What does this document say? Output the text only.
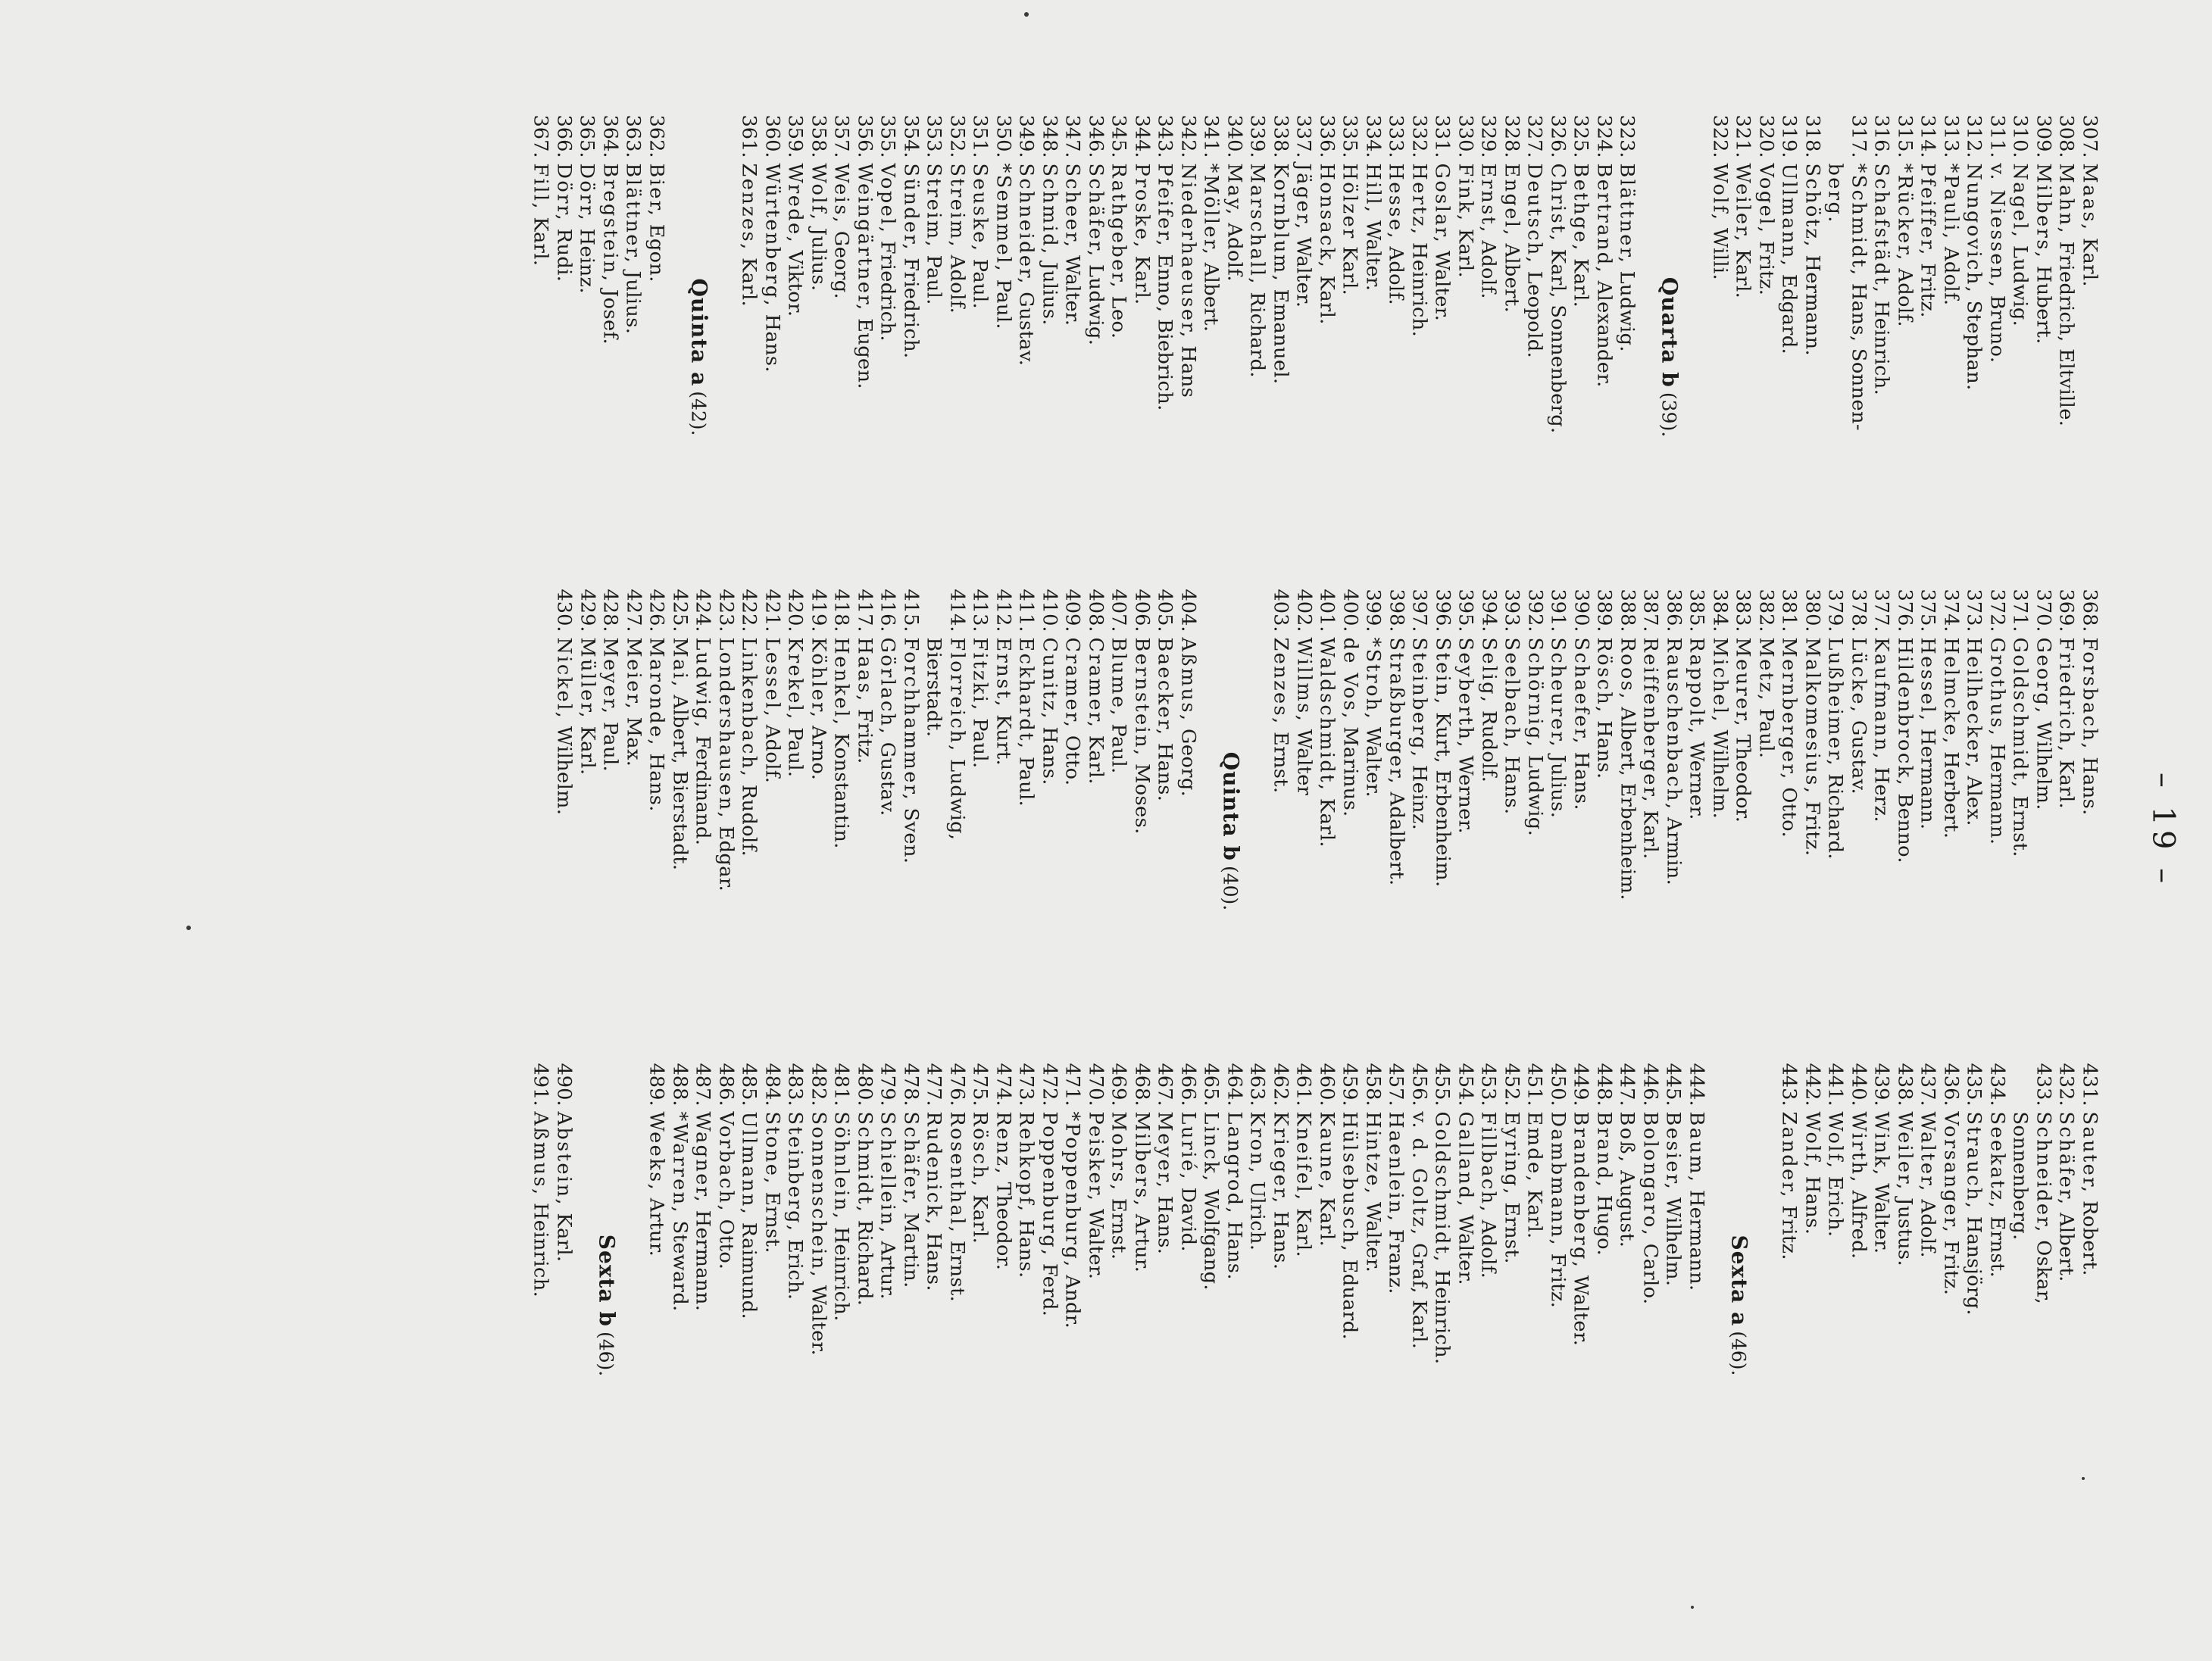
– 19 –
307.
Maas, Karl.
308.
Mahn, Friedrich, Eltville.
309.
Milbers, Hubert.
310.
Nagel, Ludwig.
311.
v. Niessen, Bruno.
312.
Nungovich, Stephan.
313.
*Pauli, Adolf.
314.
Pfeiffer, Fritz.
315.
*Rücker, Adolf.
316.
Schafstädt, Heinrich.
317.
*Schmidt, Hans, Sonnen-
berg.
318.
Schötz, Hermann.
319.
Ullmann, Edgard.
320.
Vogel, Fritz.
321.
Weiler, Karl.
322.
Wolf, Willi.
Quarta b(39).
323.
Blättner, Ludwig.
324.
Bertrand, Alexander.
325.
Bethge, Karl.
326.
Christ, Karl, Sonnenberg.
327.
Deutsch, Leopold.
328.
Engel, Albert.
329.
Ernst, Adolf.
330.
Fink, Karl.
331.
Goslar, Walter.
332.
Hertz, Heinrich.
333.
Hesse, Adolf.
334.
Hill, Walter.
335.
Hölzer Karl.
336.
Honsack, Karl.
337.
Jäger, Walter.
338.
Kornblum, Emanuel.
339.
Marschall, Richard.
340.
May, Adolf.
341.
*Möller, Albert.
342.
Niederhaeuser, Hans
343.
Pfeifer, Enno, Biebrich.
344.
Proske, Karl.
345.
Rathgeber, Leo.
346.
Schäfer, Ludwig.
347.
Scheer, Walter.
348.
Schmid, Julius.
349.
Schneider, Gustav.
350.
*Semmel, Paul.
351.
Seuske, Paul.
352.
Streim, Adolf.
353.
Streim, Paul.
354.
Sünder, Friedrich.
355.
Vopel, Friedrich.
356.
Weingärtner, Eugen.
357.
Weis, Georg.
358.
Wolf, Julius.
359.
Wrede, Viktor.
360.
Würtenberg, Hans.
361.
Zenzes, Karl.
Quinta a(42).
362.
Bier, Egon.
363.
Blättner, Julius.
364.
Bregstein, Josef.
365.
Dörr, Heinz.
366.
Dörr, Rudi.
367.
Fill, Karl.
368.
Forsbach, Hans.
369.
Friedrich, Karl.
370.
Georg, Wilhelm.
371.
Goldschmidt, Ernst.
372.
Grothus, Hermann.
373.
Heilhecker, Alex.
374.
Helmcke, Herbert.
375.
Hessel, Hermann.
376.
Hildenbrock, Benno.
377.
Kaufmann, Herz.
378.
Lücke, Gustav.
379.
Lußheimer, Richard.
380.
Malkomesius, Fritz.
381.
Mernberger, Otto.
382.
Metz, Paul.
383.
Meurer, Theodor.
384.
Michel, Wilhelm.
385.
Rappolt, Werner.
386.
Rauschenbach, Armin.
387.
Reiffenberger, Karl.
388.
Roos, Albert, Erbenheim.
389.
Rösch, Hans.
390.
Schaefer, Hans.
391.
Scheurer, Julius.
392.
Schörnig, Ludwig.
393.
Seelbach, Hans.
394.
Selig, Rudolf.
395.
Seyberth, Werner.
396.
Stein, Kurt, Erbenheim.
397.
Steinberg, Heinz.
398.
Straßburger, Adalbert.
399.
*Stroh, Walter.
400.
de Vos, Marinus.
401.
Waldschmidt, Karl.
402.
Willms, Walter
403.
Zenzes, Ernst.
Quinta b(40).
404.
Aßmus, Georg.
405.
Baecker, Hans.
406.
Bernstein, Moses.
407.
Blume, Paul.
408.
Cramer, Karl.
409.
Cramer, Otto.
410.
Cunitz, Hans.
411.
Eckhardt, Paul.
412.
Ernst, Kurt.
413.
Fitzki, Paul.
414.
Florreich, Ludwig,
Bierstadt.
415.
Forchhammer, Sven.
416.
Görlach, Gustav.
417.
Haas, Fritz.
418.
Henkel, Konstantin.
419.
Köhler, Arno.
420.
Krekel, Paul.
421.
Lessel, Adolf.
422.
Linkenbach, Rudolf.
423.
Londershausen, Edgar.
424.
Ludwig, Ferdinand.
425.
Mai, Albert, Bierstadt.
426.
Maronde, Hans.
427.
Meier, Max.
428.
Meyer, Paul.
429.
Müller, Karl.
430.
Nickel, Wilhelm.
431.
Sauter, Robert.
432.
Schäfer, Albert.
433.
Schneider, Oskar,
Sonnenberg.
434.
Seekatz, Ernst.
435.
Strauch, Hansjörg.
436.
Vorsanger, Fritz.
437.
Walter, Adolf.
438.
Weiler, Justus.
439.
Wink, Walter.
440.
Wirth, Alfred.
441.
Wolf, Erich.
442.
Wolf, Hans.
443.
Zander, Fritz.
Sexta a(46).
444.
Baum, Hermann.
445.
Besier, Wilhelm.
446.
Bolongaro, Carlo.
447.
Boß, August.
448.
Brand, Hugo.
449.
Brandenberg, Walter.
450.
Dambmann, Fritz.
451.
Emde, Karl.
452.
Eyring, Ernst.
453.
Fillbach, Adolf.
454.
Galland, Walter.
455.
Goldschmidt, Heinrich.
456.
v. d. Goltz, Graf, Karl.
457.
Haenlein, Franz.
458.
Hintze, Walter.
459.
Hülsebusch, Eduard.
460.
Kaune, Karl.
461.
Kneifel, Karl.
462.
Krieger, Hans.
463.
Kron, Ulrich.
464.
Langrod, Hans.
465.
Linck, Wolfgang.
466.
Lurié, David.
467.
Meyer, Hans.
468.
Milbers, Artur.
469.
Mohrs, Ernst.
470.
Peisker, Walter.
471.
*Poppenburg, Andr.
472.
Poppenburg, Ferd.
473.
Rehkopf, Hans.
474.
Renz, Theodor.
475.
Rösch, Karl.
476.
Rosenthal, Ernst.
477.
Rudenick, Hans.
478.
Schäfer, Martin.
479.
Schiellein, Artur.
480.
Schmidt, Richard.
481.
Söhnlein, Heinrich.
482.
Sonnenschein, Walter.
483.
Steinberg, Erich.
484.
Stone, Ernst.
485.
Ullmann, Raimund.
486.
Vorbach, Otto.
487.
Wagner, Hermann.
488.
*Warren, Steward.
489.
Weeks, Artur.
Sexta b(46).
490.
Abstein, Karl.
491.
Aßmus, Heinrich.
